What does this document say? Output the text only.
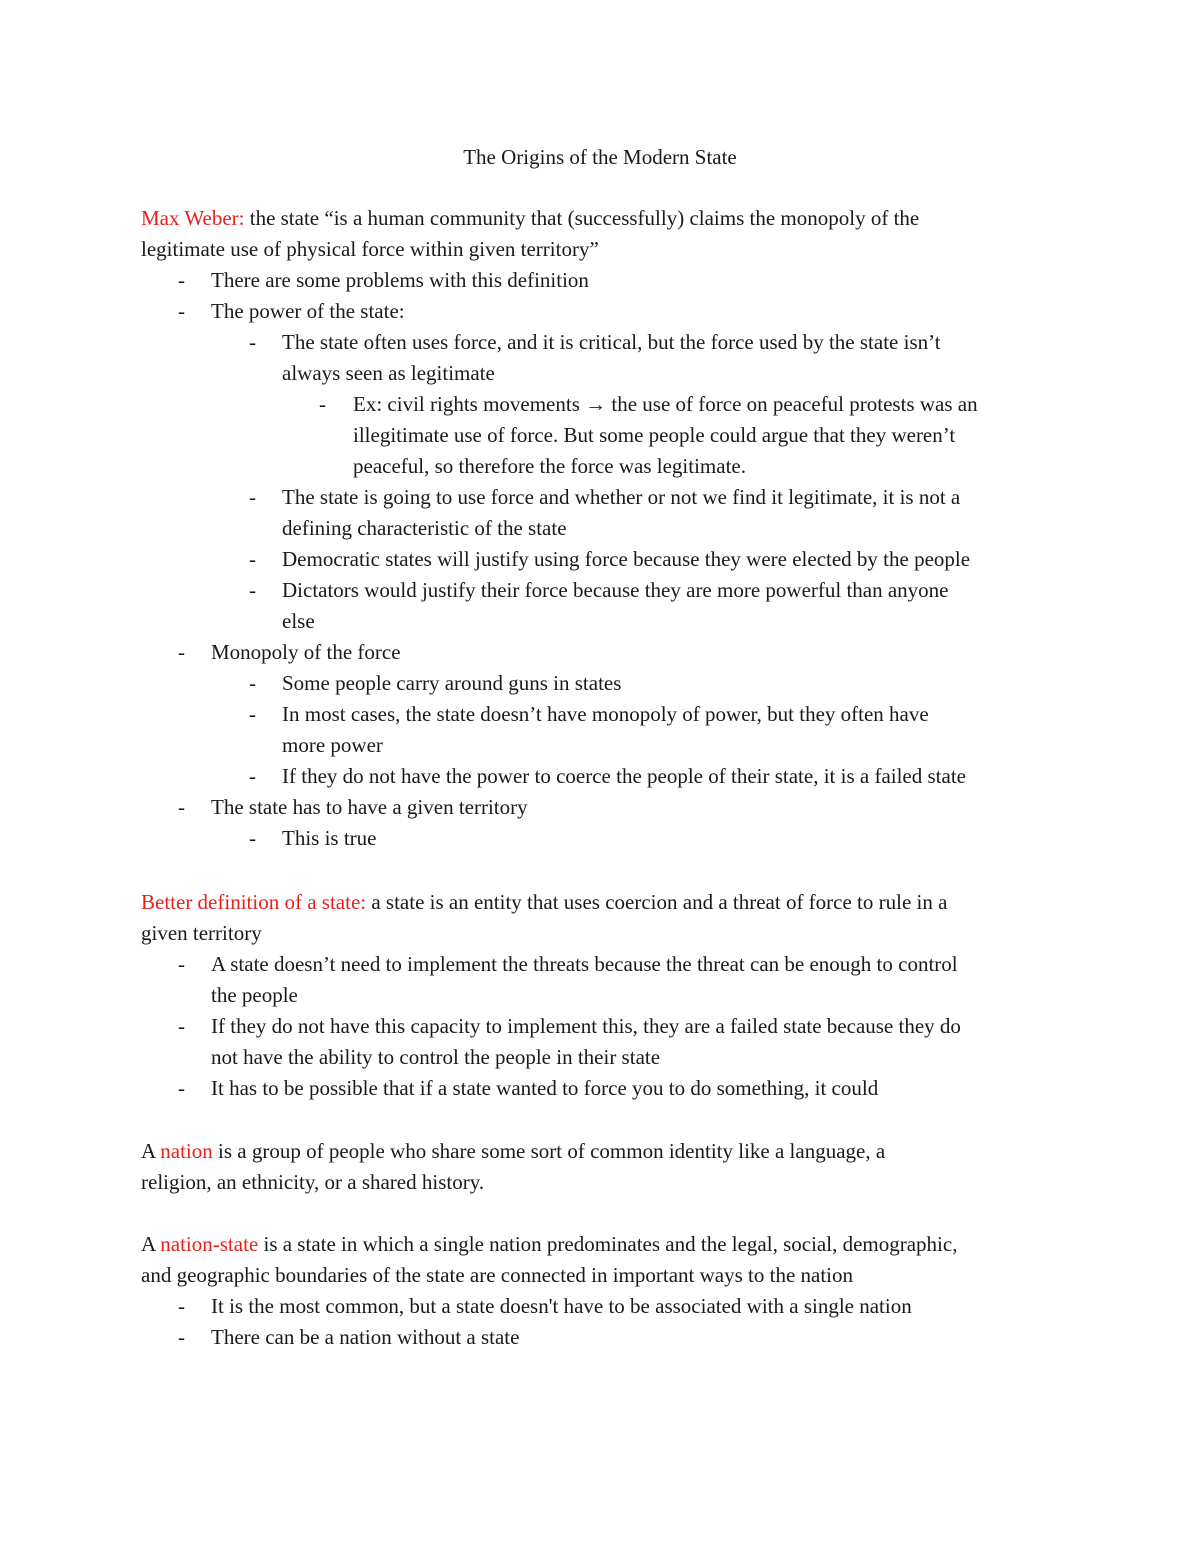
The Origins of the Modern State
Max Weber: the state “is a human community that (successfully) claims the monopoly of the
legitimate use of physical force within given territory”
- There are some problems with this definition
- The power of the state:
- The state often uses force, and it is critical, but the force used by the state isn’t
always seen as legitimate
- Ex: civil rights movements → the use of force on peaceful protests was an
illegitimate use of force. But some people could argue that they weren’t
peaceful, so therefore the force was legitimate.
- The state is going to use force and whether or not we find it legitimate, it is not a
defining characteristic of the state
- Democratic states will justify using force because they were elected by the people
- Dictators would justify their force because they are more powerful than anyone
else
- Monopoly of the force
- Some people carry around guns in states
- In most cases, the state doesn’t have monopoly of power, but they often have
more power
- If they do not have the power to coerce the people of their state, it is a failed state
- The state has to have a given territory
- This is true
Better definition of a state: a state is an entity that uses coercion and a threat of force to rule in a
given territory
- A state doesn’t need to implement the threats because the threat can be enough to control
the people
- If they do not have this capacity to implement this, they are a failed state because they do
not have the ability to control the people in their state
- It has to be possible that if a state wanted to force you to do something, it could
A nation is a group of people who share some sort of common identity like a language, a
religion, an ethnicity, or a shared history.
A nation-state is a state in which a single nation predominates and the legal, social, demographic,
and geographic boundaries of the state are connected in important ways to the nation
- It is the most common, but a state doesn't have to be associated with a single nation
- There can be a nation without a state
